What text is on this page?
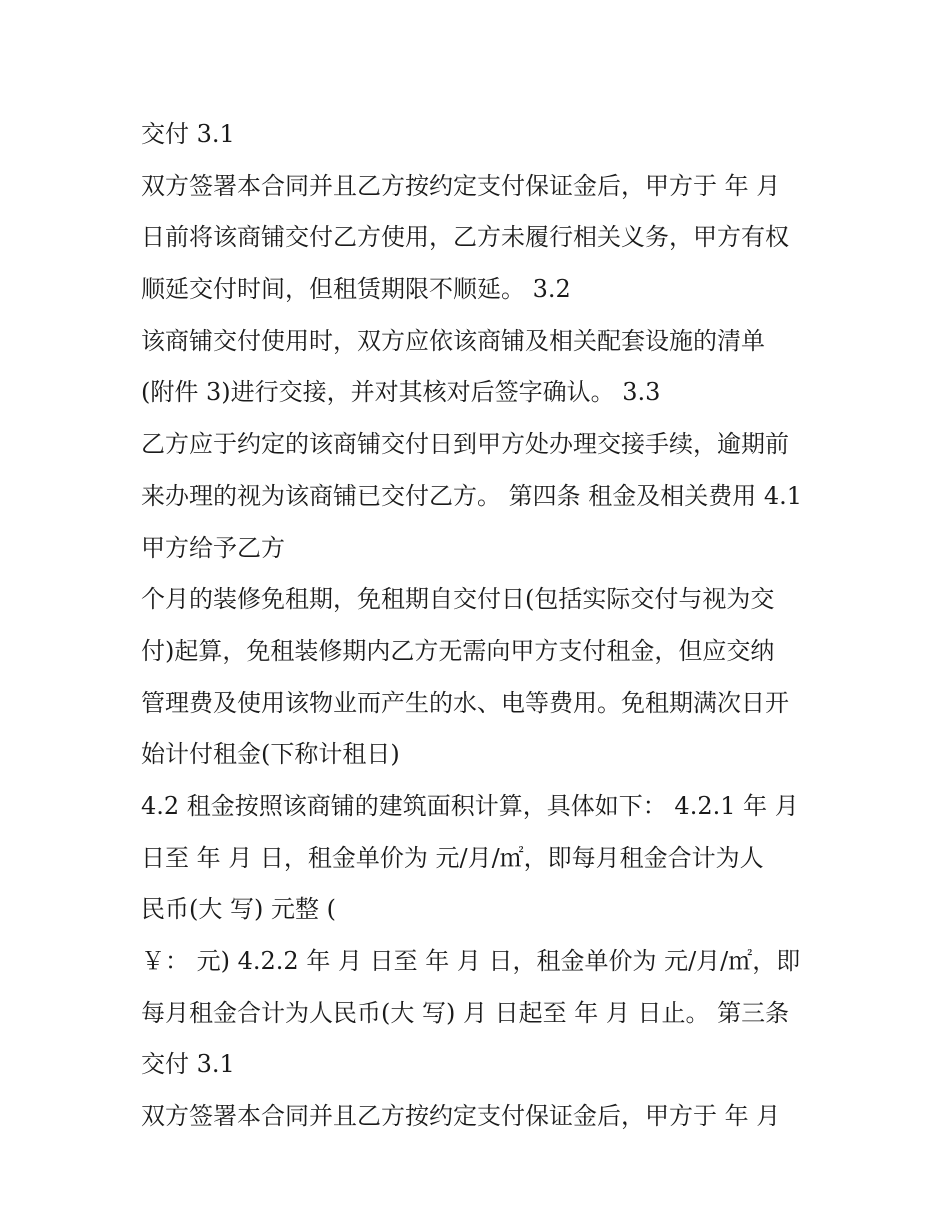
交付 3.1
双方签署本合同并且乙方按约定支付保证金后，甲方于 年 月
日前将该商铺交付乙方使用，乙方未履行相关义务，甲方有权
顺延交付时间，但租赁期限不顺延。 3.2
该商铺交付使用时，双方应依该商铺及相关配套设施的清单
(附件 3)进行交接，并对其核对后签字确认。 3.3
乙方应于约定的该商铺交付日到甲方处办理交接手续，逾期前
来办理的视为该商铺已交付乙方。 第四条 租金及相关费用 4.1
甲方给予乙方
个月的装修免租期，免租期自交付日(包括实际交付与视为交
付)起算，免租装修期内乙方无需向甲方支付租金，但应交纳
管理费及使用该物业而产生的水、电等费用。免租期满次日开
始计付租金(下称计租日)
4.2 租金按照该商铺的建筑面积计算，具体如下： 4.2.1 年 月
日至 年 月 日，租金单价为 元/月/㎡，即每月租金合计为人
民币(大 写) 元整 (
￥： 元) 4.2.2 年 月 日至 年 月 日，租金单价为 元/月/㎡，即
每月租金合计为人民币(大 写) 月 日起至 年 月 日止。 第三条
交付 3.1
双方签署本合同并且乙方按约定支付保证金后，甲方于 年 月
